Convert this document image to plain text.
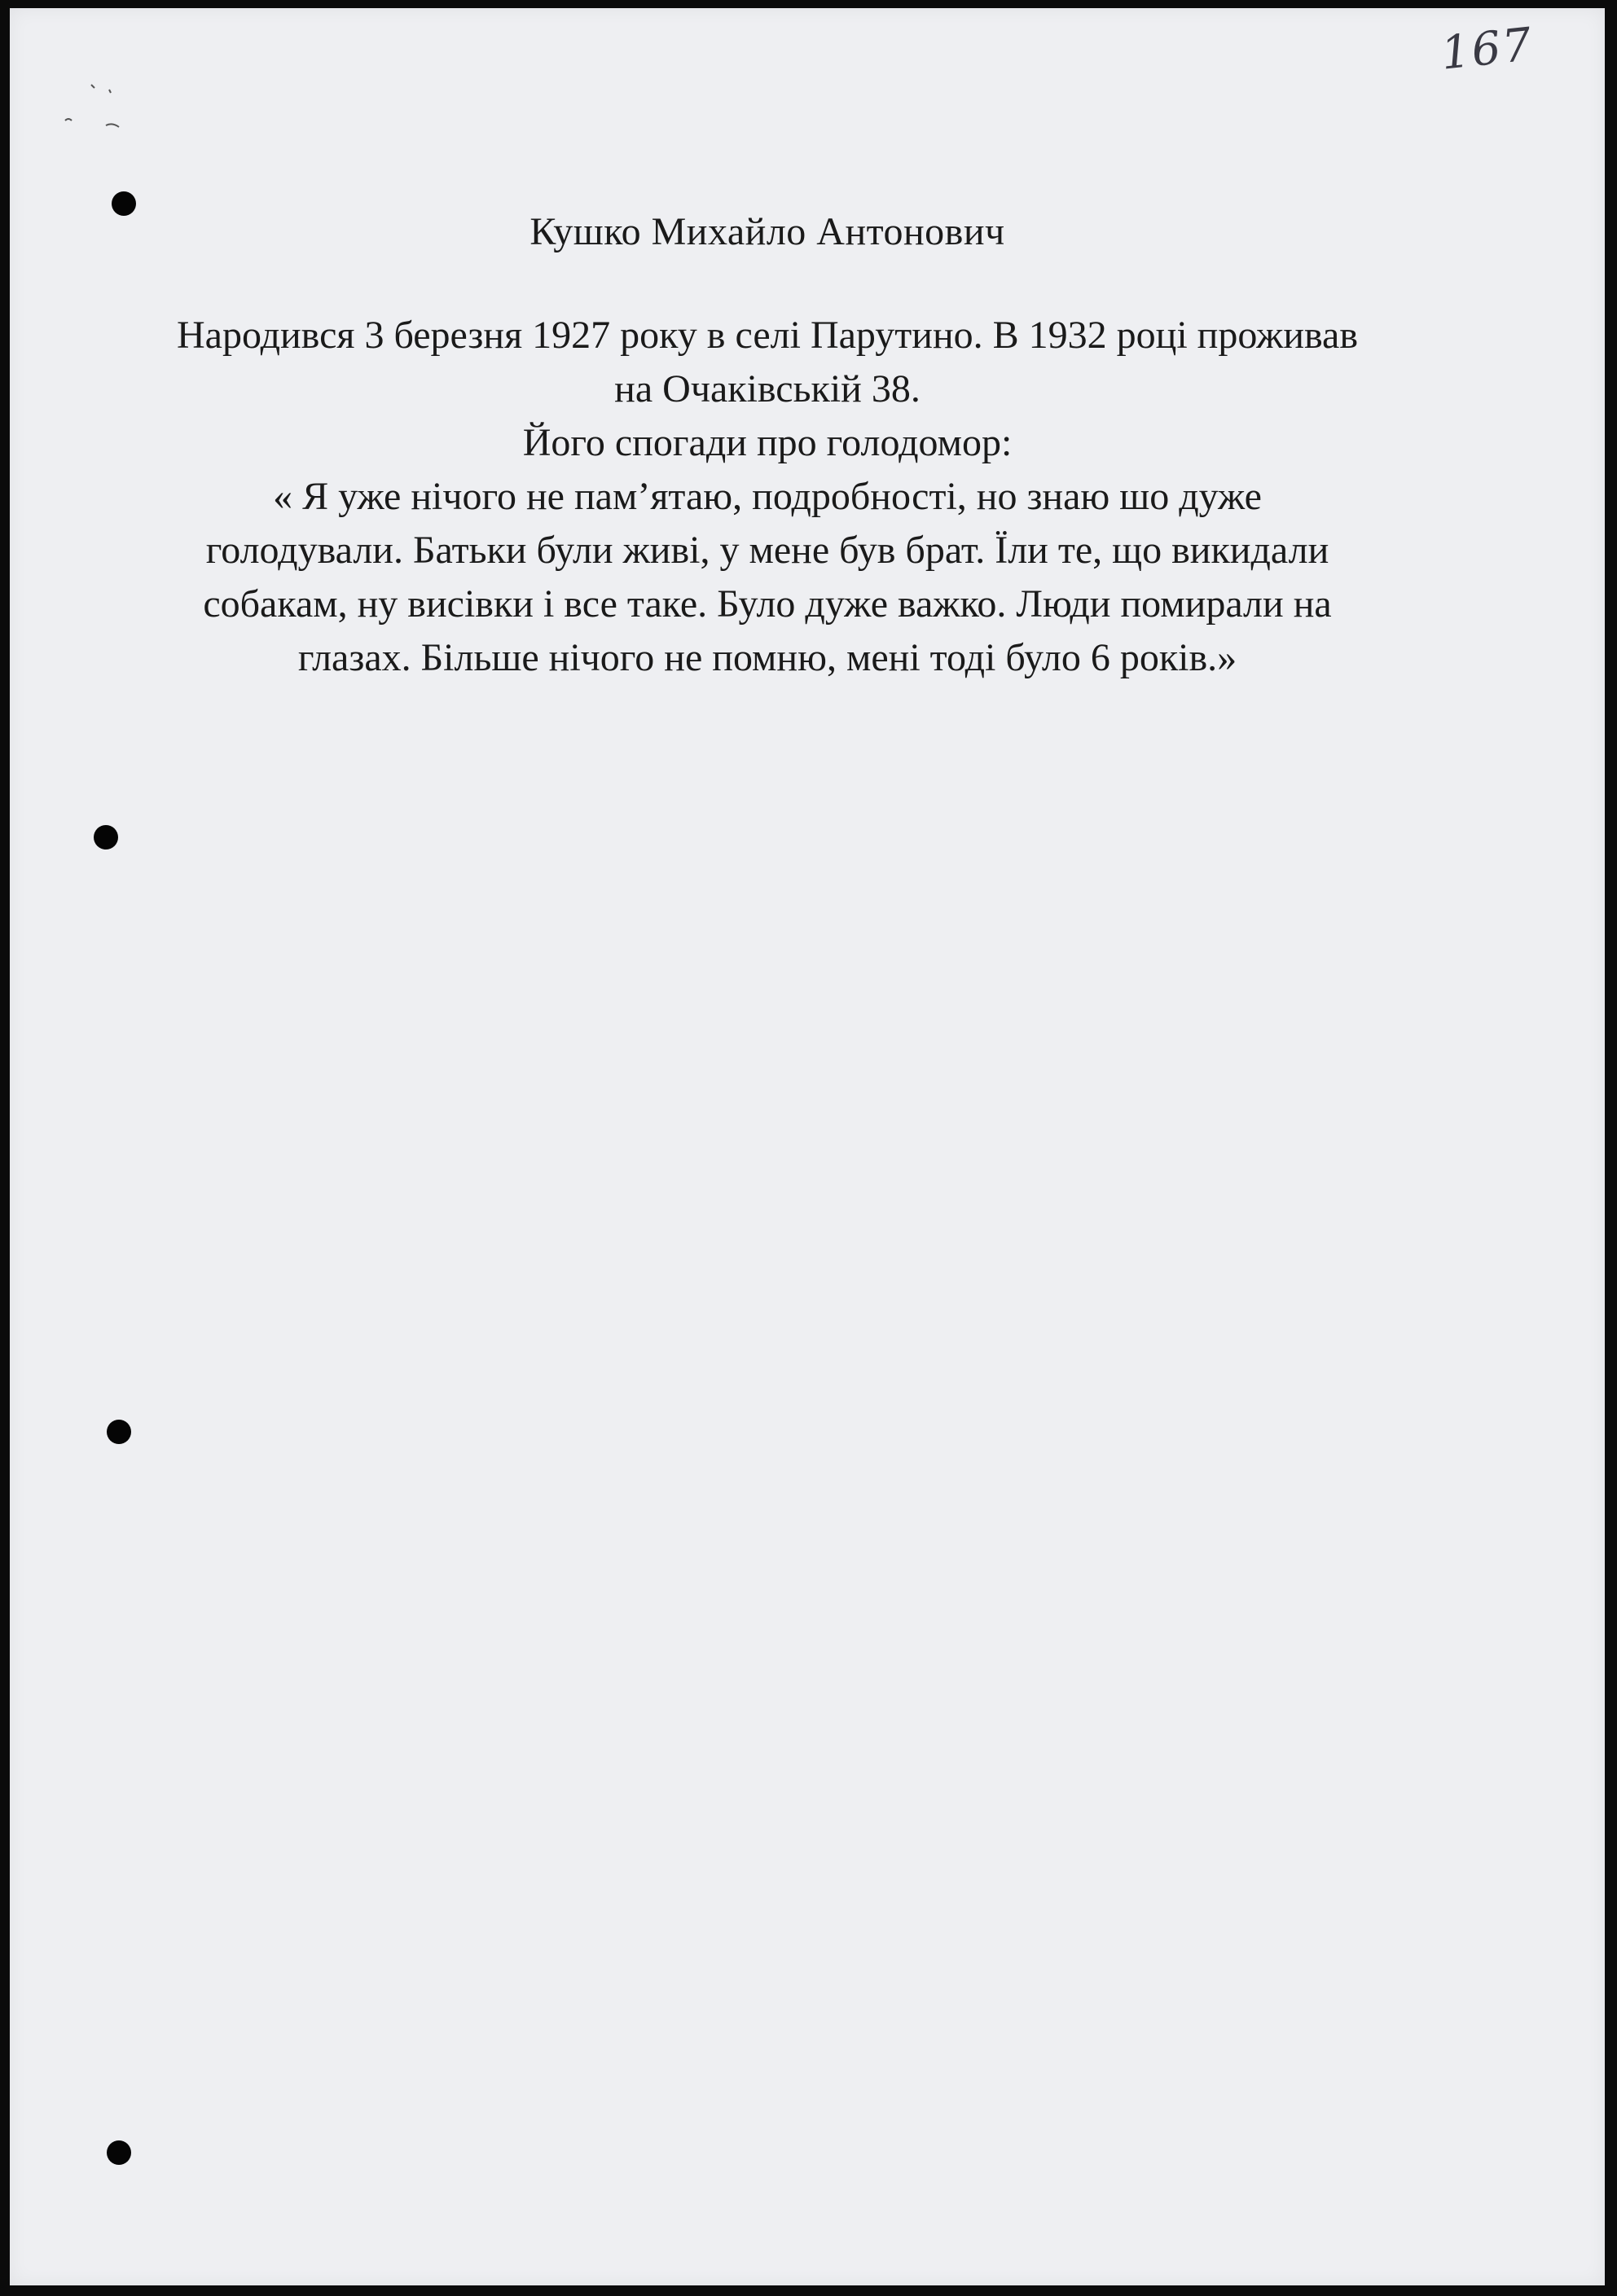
167
Кушко Михайло Антонович

Народився 3 березня 1927 року в селі Парутино. В 1932 році проживав на Очаківській 38.

Його спогади про голодомор:

« Я уже нічого не пам’ятаю, подробності, но знаю шо дуже голодували. Батьки були живі, у мене був брат. Їли те, що викидали собакам, ну висівки і все таке. Було дуже важко. Люди помирали на глазах. Більше нічого не помню, мені тоді було 6 років.»
